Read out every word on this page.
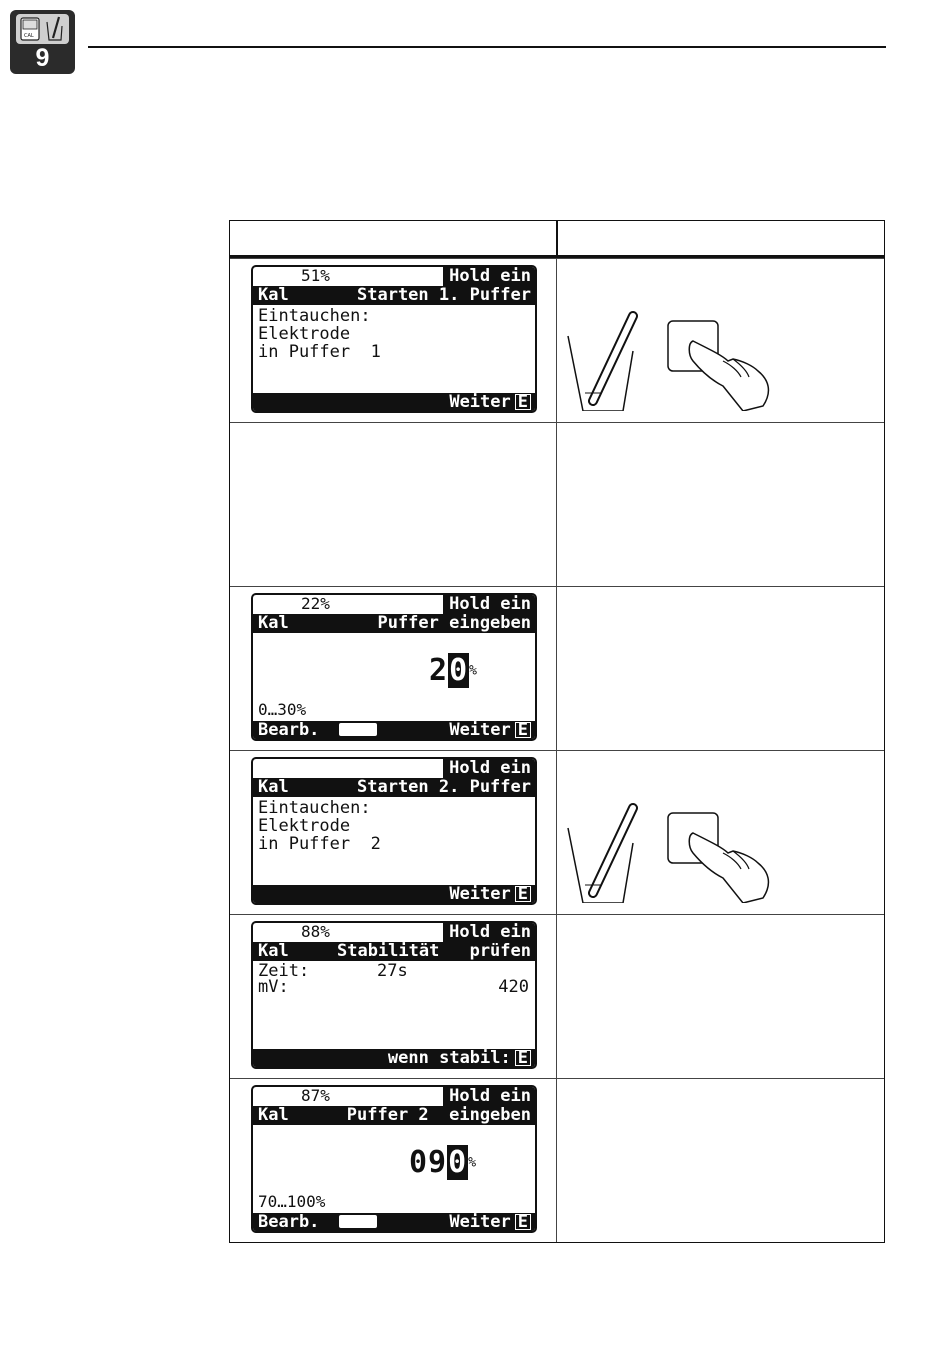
CAL
9
51%	Hold ein
Kal	Starten 1. Puffer
Eintauchen:
Elektrode
in Puffer  1
Weiter E
22%	Hold ein
Kal	Puffer eingeben
20%
0…30%
Bearb.	Weiter E
Hold ein
Kal	Starten 2. Puffer
Eintauchen:
Elektrode
in Puffer  2
Weiter E
88%	Hold ein
Kal	Stabilität prüfen
Zeit:	27s
mV:	420
wenn stabil: E
87%	Hold ein
Kal	Puffer 2  eingeben
090%
70…100%
Bearb.	Weiter E
